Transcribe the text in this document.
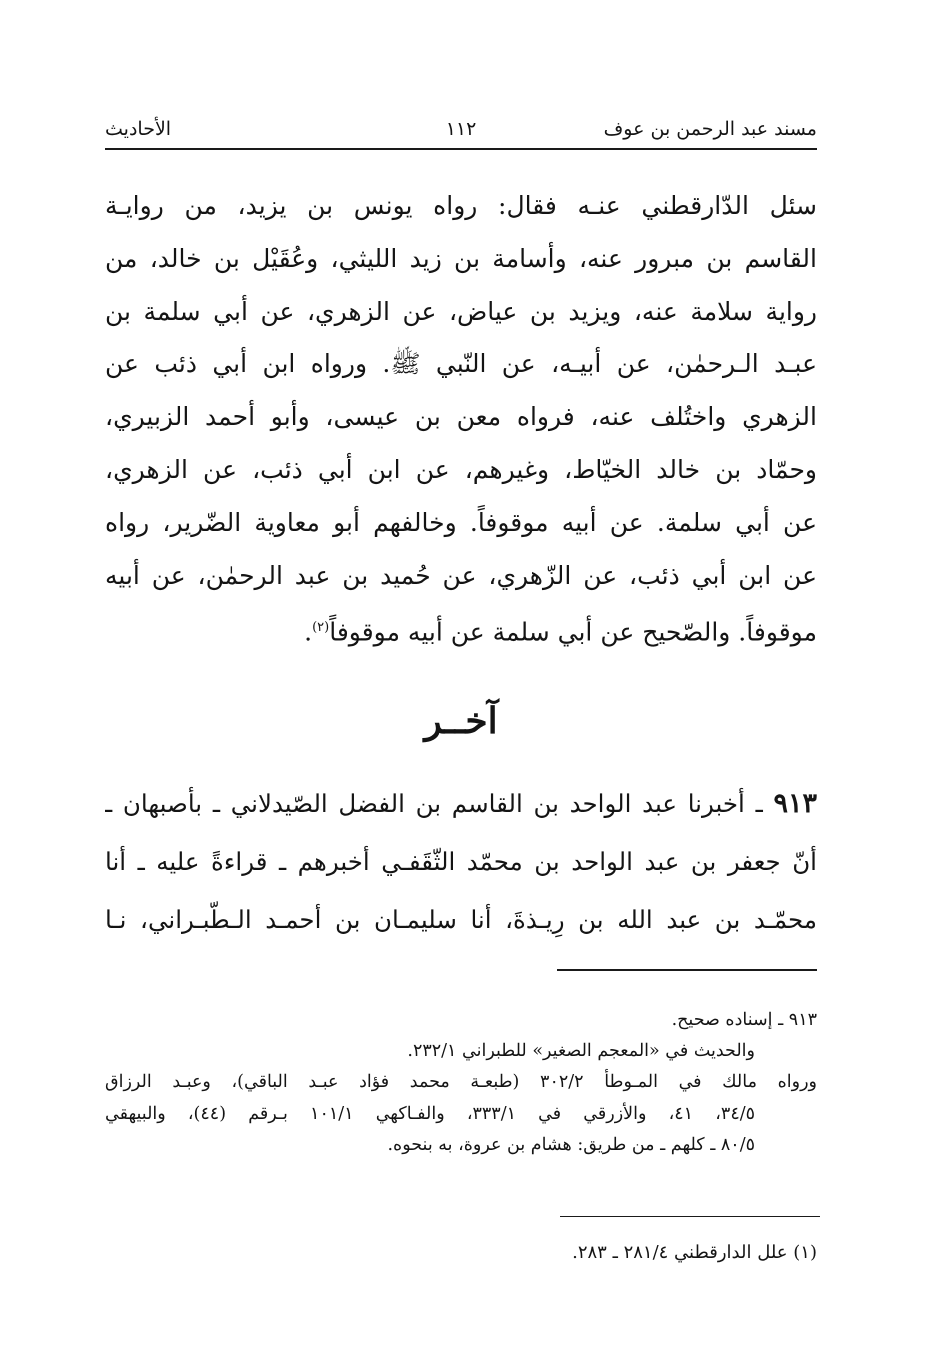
مسند عبد الرحمن بن عوف
١١٢
الأحاديث
سئل الدّارقطني عنـه فقال: رواه يونس بن يزيد، من روايـة
القاسم بن مبرور عنه، وأسامة بن زيد الليثي، وعُقَيْل بن خالد، من
رواية سلامة عنه، ويزيد بن عياض، عن الزهري، عن أبي سلمة بن
عبـد الـرحمٰن، عن أبيـه، عن النّبي ﷺ. ورواه ابن أبي ذئب عن
الزهري واختُلف عنه، فرواه معن بن عيسى، وأبو أحمد الزبيري،
وحمّاد بن خالد الخيّاط، وغيرهم، عن ابن أبي ذئب، عن الزهري،
عن أبي سلمة. عن أبيه موقوفاً. وخالفهم أبو معاوية الضّرير، رواه
عن ابن أبي ذئب، عن الزّهري، عن حُميد بن عبد الرحمٰن، عن أبيه
موقوفاً. والصّحيح عن أبي سلمة عن أبيه موقوفاً$^{(٢)}$.
آخــر
٩١٣ ـ أخبرنا عبد الواحد بن القاسم بن الفضل الصّيدلاني ـ بأصبهان ـ
أنّ جعفر بن عبد الواحد بن محمّد الثّقَفـي أخبرهم ـ قراءةً عليه ـ أنا
محمّـد بن عبد الله بن رِيـذةَ، أنا سليمـان بن أحمـد الـطّبـراني، نـا
٩١٣ ـ إسناده صحيح.
والحديث في «المعجم الصغير» للطبراني ٢٣٢/١.
ورواه مالك في المـوطأ ٣٠٢/٢ (طبعـة محمد فؤاد عبـد الباقي)، وعبـد الرزاق
٣٤/٥، ٤١، والأزرقي في ٣٣٣/١، والفـاكهي ١٠١/١ بـرقم (٤٤)، والبيهقي
٨٠/٥ ـ كلهم ـ من طريق: هشام بن عروة، به بنحوه.
(١) علل الدارقطني ٢٨١/٤ ـ ٢٨٣.
